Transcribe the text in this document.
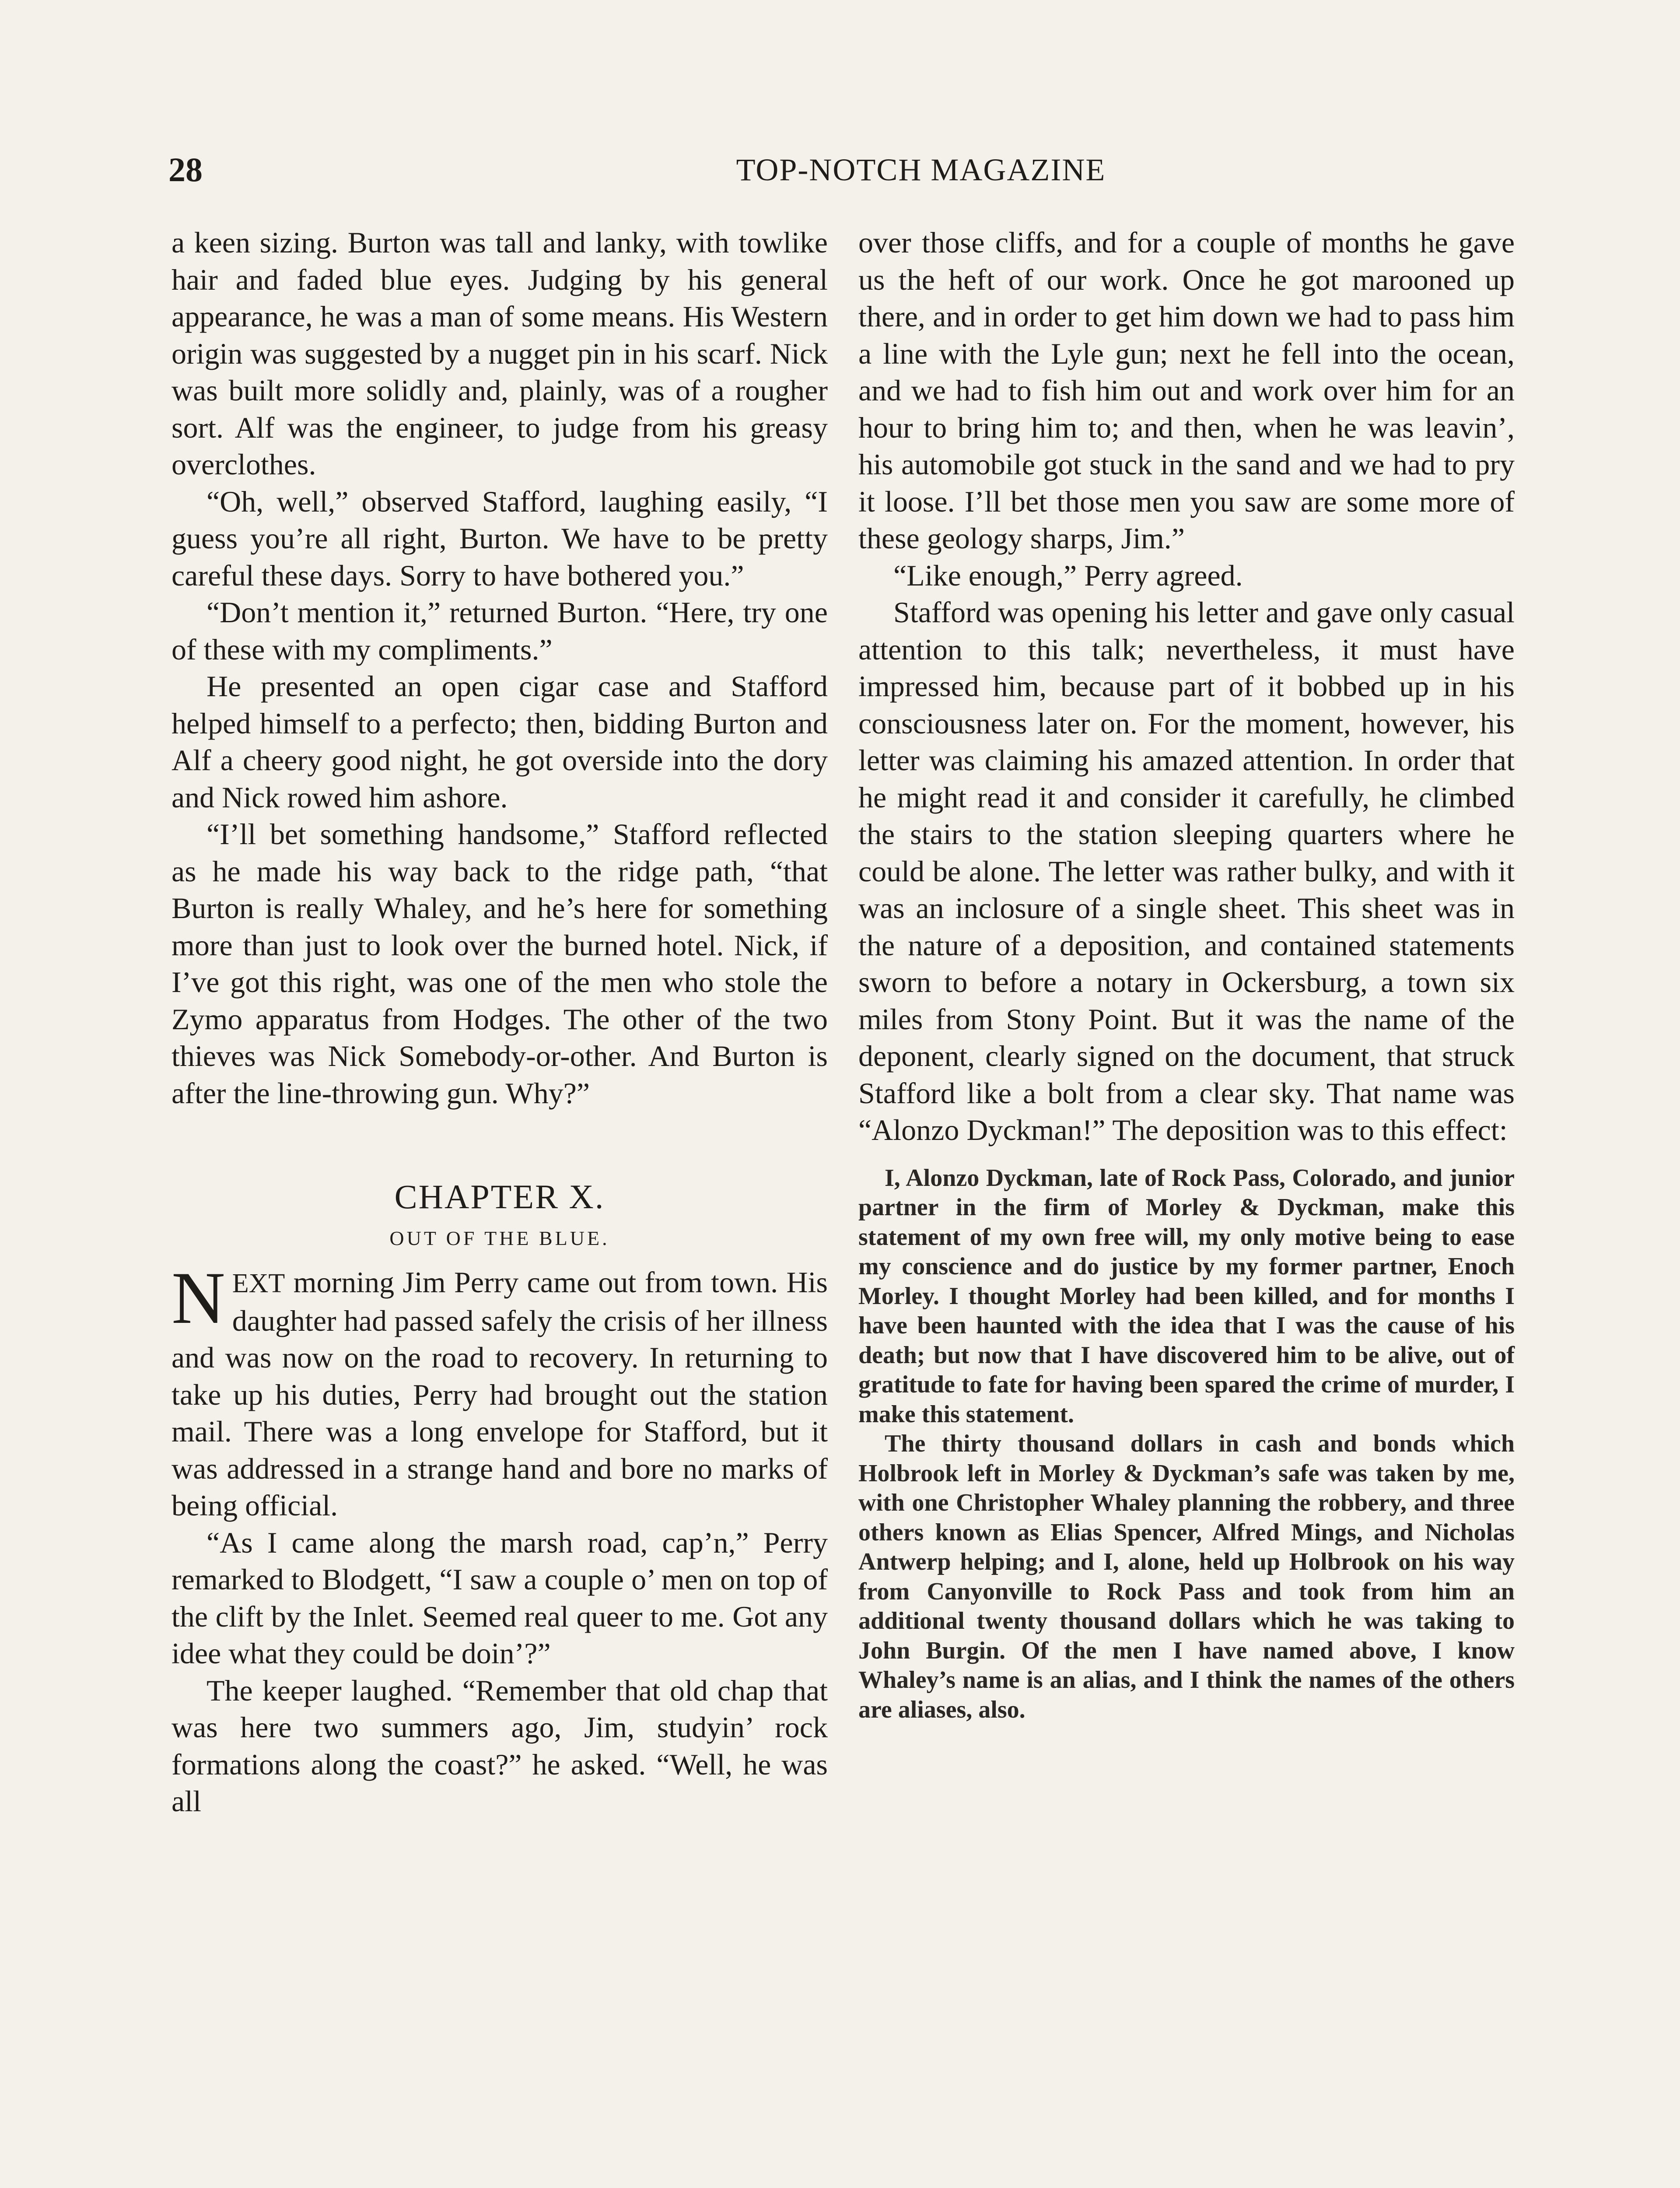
28	TOP-NOTCH MAGAZINE

a keen sizing. Burton was tall and lanky, with towlike hair and faded blue eyes. Judging by his general appearance, he was a man of some means. His Western origin was suggested by a nugget pin in his scarf. Nick was built more solidly and, plainly, was of a rougher sort. Alf was the engineer, to judge from his greasy overclothes.

“Oh, well,” observed Stafford, laughing easily, “I guess you’re all right, Burton. We have to be pretty careful these days. Sorry to have bothered you.”

“Don’t mention it,” returned Burton. “Here, try one of these with my compliments.”

He presented an open cigar case and Stafford helped himself to a perfecto; then, bidding Burton and Alf a cheery good night, he got overside into the dory and Nick rowed him ashore.

“I’ll bet something handsome,” Stafford reflected as he made his way back to the ridge path, “that Burton is really Whaley, and he’s here for something more than just to look over the burned hotel. Nick, if I’ve got this right, was one of the men who stole the Zymo apparatus from Hodges. The other of the two thieves was Nick Somebody-or-other. And Burton is after the line-throwing gun. Why?”

CHAPTER X.
OUT OF THE BLUE.

NEXT morning Jim Perry came out from town. His daughter had passed safely the crisis of her illness and was now on the road to recovery. In returning to take up his duties, Perry had brought out the station mail. There was a long envelope for Stafford, but it was addressed in a strange hand and bore no marks of being official.

“As I came along the marsh road, cap’n,” Perry remarked to Blodgett, “I saw a couple o’ men on top of the clift by the Inlet. Seemed real queer to me. Got any idee what they could be doin’?”

The keeper laughed. “Remember that old chap that was here two summers ago, Jim, studyin’ rock formations along the coast?” he asked. “Well, he was all

over those cliffs, and for a couple of months he gave us the heft of our work. Once he got marooned up there, and in order to get him down we had to pass him a line with the Lyle gun; next he fell into the ocean, and we had to fish him out and work over him for an hour to bring him to; and then, when he was leavin’, his automobile got stuck in the sand and we had to pry it loose. I’ll bet those men you saw are some more of these geology sharps, Jim.”

“Like enough,” Perry agreed.

Stafford was opening his letter and gave only casual attention to this talk; nevertheless, it must have impressed him, because part of it bobbed up in his consciousness later on. For the moment, however, his letter was claiming his amazed attention. In order that he might read it and consider it carefully, he climbed the stairs to the station sleeping quarters where he could be alone. The letter was rather bulky, and with it was an inclosure of a single sheet. This sheet was in the nature of a deposition, and contained statements sworn to before a notary in Ockersburg, a town six miles from Stony Point. But it was the name of the deponent, clearly signed on the document, that struck Stafford like a bolt from a clear sky. That name was “Alonzo Dyckman!” The deposition was to this effect:

I, Alonzo Dyckman, late of Rock Pass, Colorado, and junior partner in the firm of Morley & Dyckman, make this statement of my own free will, my only motive being to ease my conscience and do justice by my former partner, Enoch Morley. I thought Morley had been killed, and for months I have been haunted with the idea that I was the cause of his death; but now that I have discovered him to be alive, out of gratitude to fate for having been spared the crime of murder, I make this statement.

The thirty thousand dollars in cash and bonds which Holbrook left in Morley & Dyckman’s safe was taken by me, with one Christopher Whaley planning the robbery, and three others known as Elias Spencer, Alfred Mings, and Nicholas Antwerp helping; and I, alone, held up Holbrook on his way from Canyonville to Rock Pass and took from him an additional twenty thousand dollars which he was taking to John Burgin. Of the men I have named above, I know Whaley’s name is an alias, and I think the names of the others are aliases, also.
